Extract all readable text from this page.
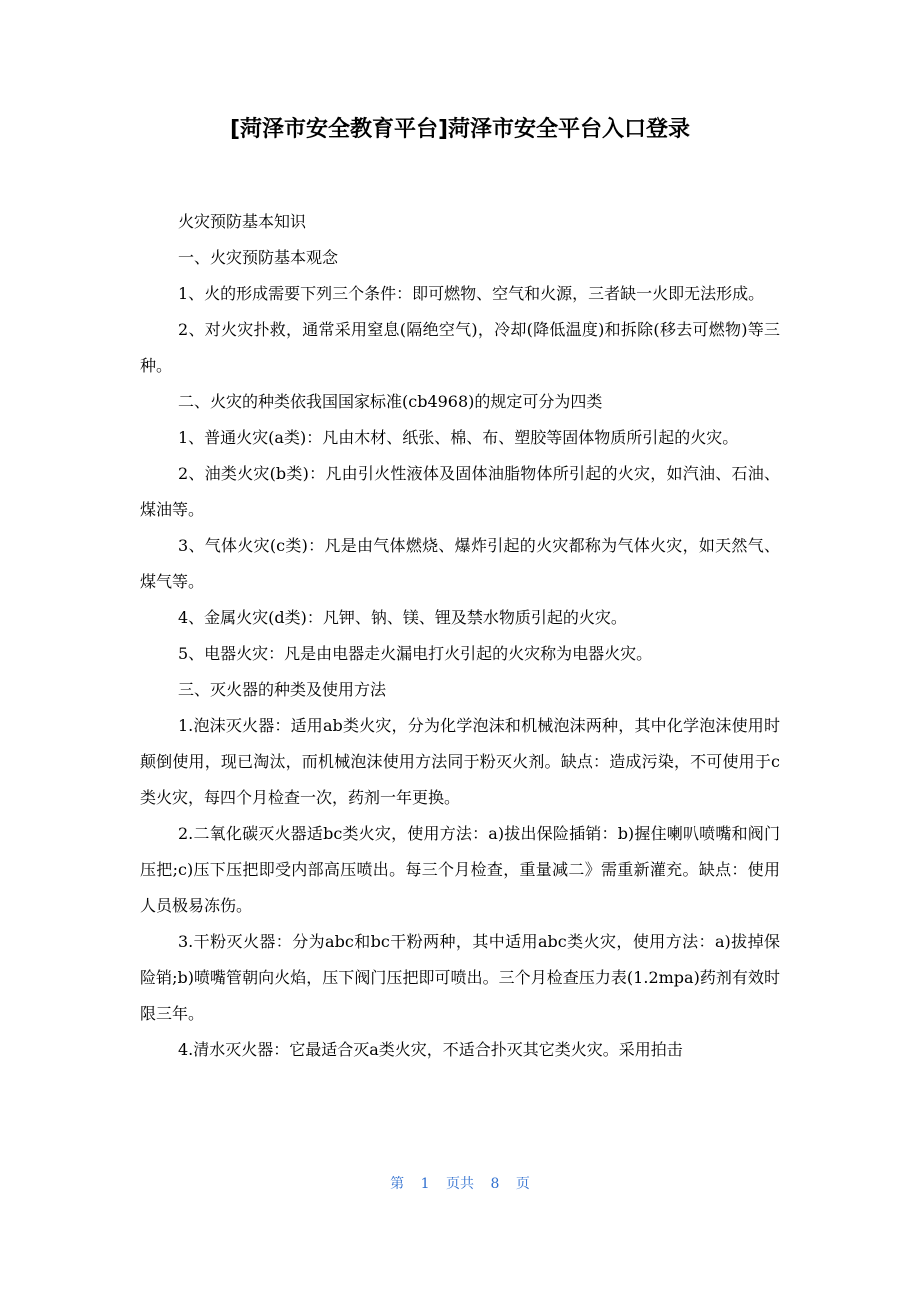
[菏泽市安全教育平台]菏泽市安全平台入口登录

火灾预防基本知识

一、火灾预防基本观念

1、火的形成需要下列三个条件：即可燃物、空气和火源，三者缺一火即无法形成。

2、对火灾扑救，通常采用窒息(隔绝空气)，冷却(降低温度)和拆除(移去可燃物)等三种。

二、火灾的种类依我国国家标准(cb4968)的规定可分为四类

1、普通火灾(a类)：凡由木材、纸张、棉、布、塑胶等固体物质所引起的火灾。

2、油类火灾(b类)：凡由引火性液体及固体油脂物体所引起的火灾，如汽油、石油、煤油等。

3、气体火灾(c类)：凡是由气体燃烧、爆炸引起的火灾都称为气体火灾，如天然气、煤气等。

4、金属火灾(d类)：凡钾、钠、镁、锂及禁水物质引起的火灾。

5、电器火灾：凡是由电器走火漏电打火引起的火灾称为电器火灾。

三、灭火器的种类及使用方法

1.泡沫灭火器：适用ab类火灾，分为化学泡沫和机械泡沫两种，其中化学泡沫使用时颠倒使用，现已淘汰，而机械泡沫使用方法同于粉灭火剂。缺点：造成污染，不可使用于c类火灾，每四个月检查一次，药剂一年更换。

2.二氧化碳灭火器适bc类火灾，使用方法：a)拔出保险插销：b)握住喇叭喷嘴和阀门压把;c)压下压把即受内部高压喷出。每三个月检查，重量减二》需重新灌充。缺点：使用人员极易冻伤。

3.干粉灭火器：分为abc和bc干粉两种，其中适用abc类火灾，使用方法：a)拔掉保险销;b)喷嘴管朝向火焰，压下阀门压把即可喷出。三个月检查压力表(1.2mpa)药剂有效时限三年。

4.清水灭火器：它最适合灭a类火灾，不适合扑灭其它类火灾。采用拍击

第 1 页共 8 页
